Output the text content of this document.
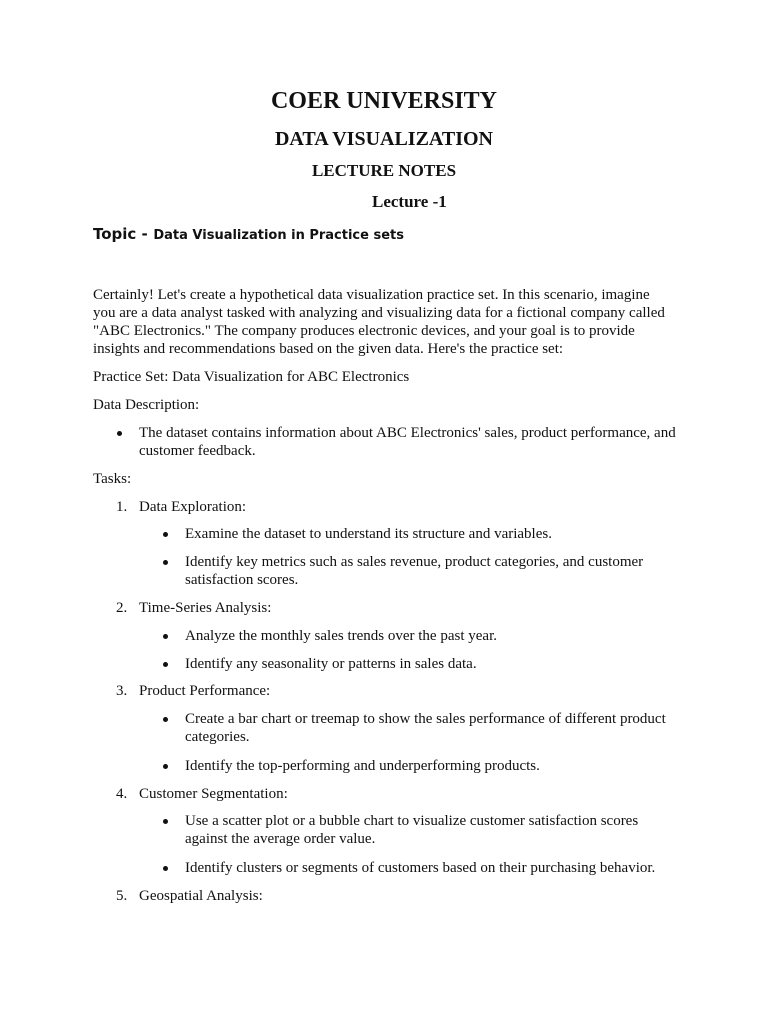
COER UNIVERSITY
DATA VISUALIZATION
LECTURE NOTES
Lecture -1
Topic - Data Visualization in Practice sets
Certainly! Let's create a hypothetical data visualization practice set. In this scenario, imagine you are a data analyst tasked with analyzing and visualizing data for a fictional company called "ABC Electronics." The company produces electronic devices, and your goal is to provide insights and recommendations based on the given data. Here's the practice set:
Practice Set: Data Visualization for ABC Electronics
Data Description:
The dataset contains information about ABC Electronics' sales, product performance, and customer feedback.
Tasks:
1. Data Exploration:
Examine the dataset to understand its structure and variables.
Identify key metrics such as sales revenue, product categories, and customer satisfaction scores.
2. Time-Series Analysis:
Analyze the monthly sales trends over the past year.
Identify any seasonality or patterns in sales data.
3. Product Performance:
Create a bar chart or treemap to show the sales performance of different product categories.
Identify the top-performing and underperforming products.
4. Customer Segmentation:
Use a scatter plot or a bubble chart to visualize customer satisfaction scores against the average order value.
Identify clusters or segments of customers based on their purchasing behavior.
5. Geospatial Analysis:
